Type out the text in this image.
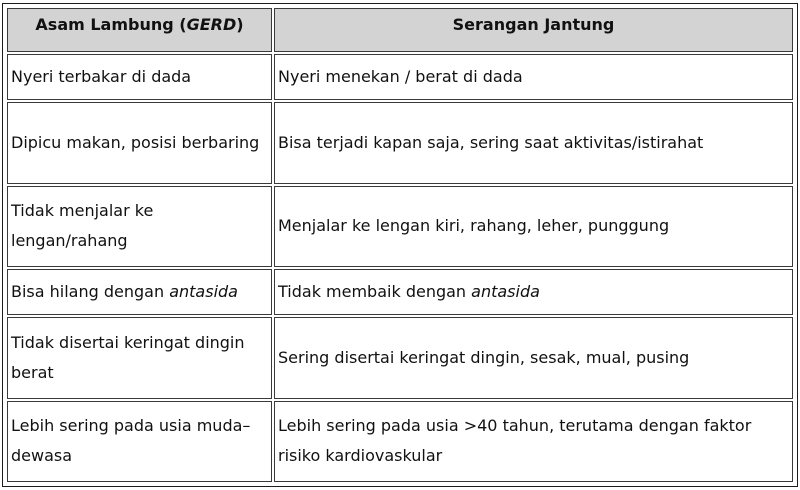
Asam Lambung (GERD)	Serangan Jantung
Nyeri terbakar di dada	Nyeri menekan / berat di dada
Dipicu makan, posisi berbaring	Bisa terjadi kapan saja, sering saat aktivitas/istirahat
Tidak menjalar ke lengan/rahang	Menjalar ke lengan kiri, rahang, leher, punggung
Bisa hilang dengan antasida	Tidak membaik dengan antasida
Tidak disertai keringat dingin berat	Sering disertai keringat dingin, sesak, mual, pusing
Lebih sering pada usia muda–dewasa	Lebih sering pada usia >40 tahun, terutama dengan faktor risiko kardiovaskular
